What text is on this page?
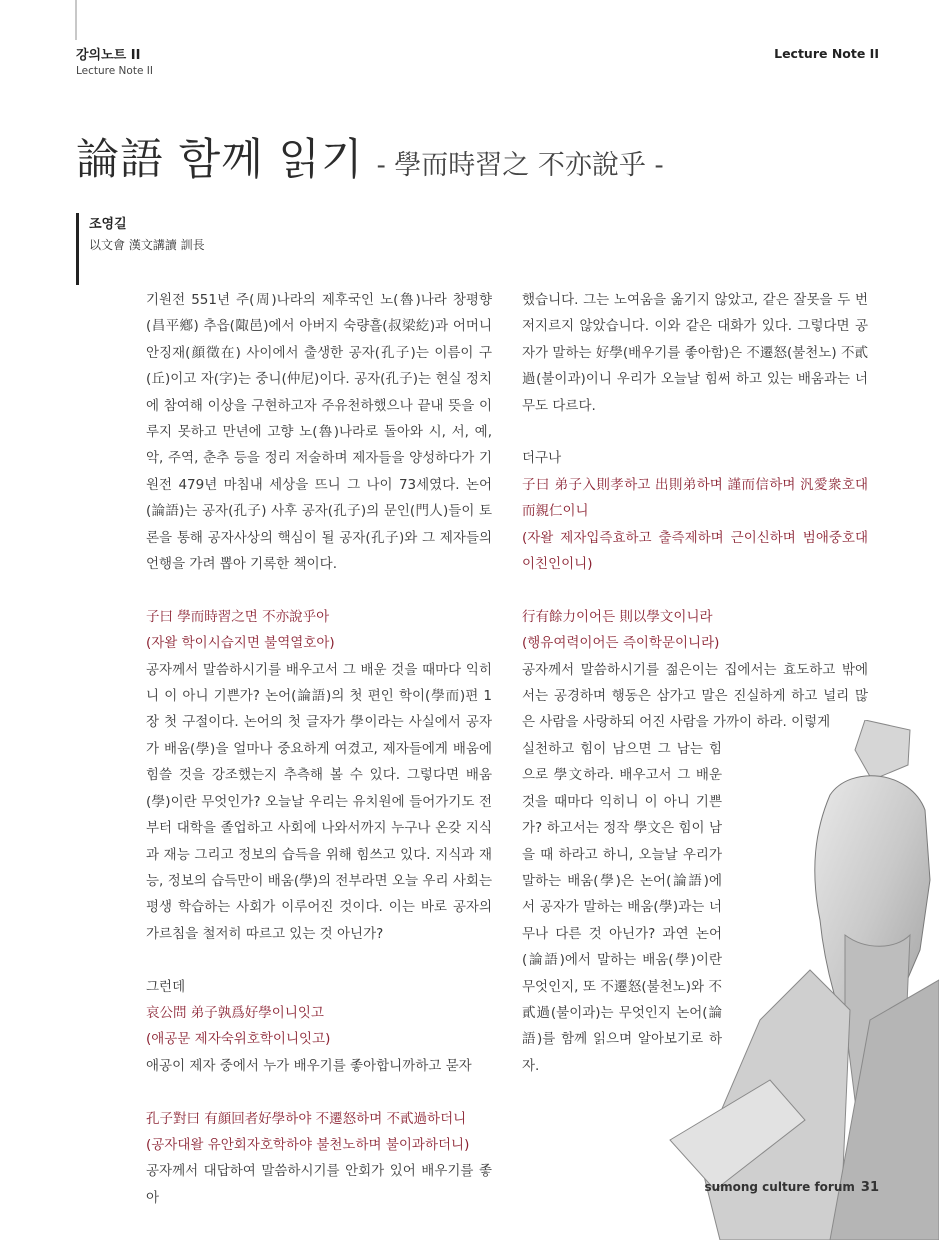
강의노트 II
Lecture Note II
Lecture Note II
論語 함께 읽기 - 學而時習之 不亦說乎 -
조영길
以文會 漢文講讀 訓長

기원전 551년 주(周)나라의 제후국인 노(魯)나라 창평향(昌平鄕) 추읍(陬邑)에서 아버지 숙량흘(叔梁紇)과 어머니 안징재(顔徵在) 사이에서 출생한 공자(孔子)는 이름이 구(丘)이고 자(字)는 중니(仲尼)이다. 공자(孔子)는 현실 정치에 참여해 이상을 구현하고자 주유천하했으나 끝내 뜻을 이루지 못하고 만년에 고향 노(魯)나라로 돌아와 시, 서, 예, 악, 주역, 춘추 등을 정리 저술하며 제자들을 양성하다가 기원전 479년 마침내 세상을 뜨니 그 나이 73세였다. 논어(論語)는 공자(孔子) 사후 공자(孔子)의 문인(門人)들이 토론을 통해 공자사상의 핵심이 될 공자(孔子)와 그 제자들의 언행을 가려 뽑아 기록한 책이다.

子曰 學而時習之면 不亦說乎아

(자왈 학이시습지면 불역열호아)

공자께서 말씀하시기를 배우고서 그 배운 것을 때마다 익히니 이 아니 기쁜가? 논어(論語)의 첫 편인 학이(學而)편 1장 첫 구절이다. 논어의 첫 글자가 學이라는 사실에서 공자가 배움(學)을 얼마나 중요하게 여겼고, 제자들에게 배움에 힘쓸 것을 강조했는지 추측해 볼 수 있다. 그렇다면 배움(學)이란 무엇인가? 오늘날 우리는 유치원에 들어가기도 전부터 대학을 졸업하고 사회에 나와서까지 누구나 온갖 지식과 재능 그리고 정보의 습득을 위해 힘쓰고 있다. 지식과 재능, 정보의 습득만이 배움(學)의 전부라면 오늘 우리 사회는 평생 학습하는 사회가 이루어진 것이다. 이는 바로 공자의 가르침을 철저히 따르고 있는 것 아닌가?

그런데

哀公問 弟子孰爲好學이니잇고

(애공문 제자숙위호학이니잇고)

애공이 제자 중에서 누가 배우기를 좋아합니까하고 묻자

孔子對曰 有顔回者好學하야 不遷怒하며 不貳過하더니

(공자대왈 유안회자호학하야 불천노하며 불이과하더니)

공자께서 대답하여 말씀하시기를 안회가 있어 배우기를 좋아

했습니다. 그는 노여움을 옮기지 않았고, 같은 잘못을 두 번 저지르지 않았습니다. 이와 같은 대화가 있다. 그렇다면 공자가 말하는 好學(배우기를 좋아함)은 不遷怒(불천노) 不貳過(불이과)이니 우리가 오늘날 힘써 하고 있는 배움과는 너무도 다르다.

더구나

子曰 弟子入則孝하고 出則弟하며 謹而信하며 汎愛衆호대 而親仁이니

(자왈 제자입즉효하고 출즉제하며 근이신하며 범애중호대 이친인이니)

行有餘力이어든 則以學文이니라

(행유여력이어든 즉이학문이니라)

공자께서 말씀하시기를 젊은이는 집에서는 효도하고 밖에서는 공경하며 행동은 삼가고 말은 진실하게 하고 널리 많은 사람을 사랑하되 어진 사람을 가까이 하라. 이렇게

실천하고 힘이 남으면 그 남는 힘으로 學文하라. 배우고서 그 배운 것을 때마다 익히니 이 아니 기쁜가? 하고서는 정작 學文은 힘이 남을 때 하라고 하니, 오늘날 우리가 말하는 배움(學)은 논어(論語)에서 공자가 말하는 배움(學)과는 너무나 다른 것 아닌가? 과연 논어(論語)에서 말하는 배움(學)이란 무엇인지, 또 不遷怒(불천노)와 不貳過(불이과)는 무엇인지 논어(論語)를 함께 읽으며 알아보기로 하자.

sumong culture forum 31
